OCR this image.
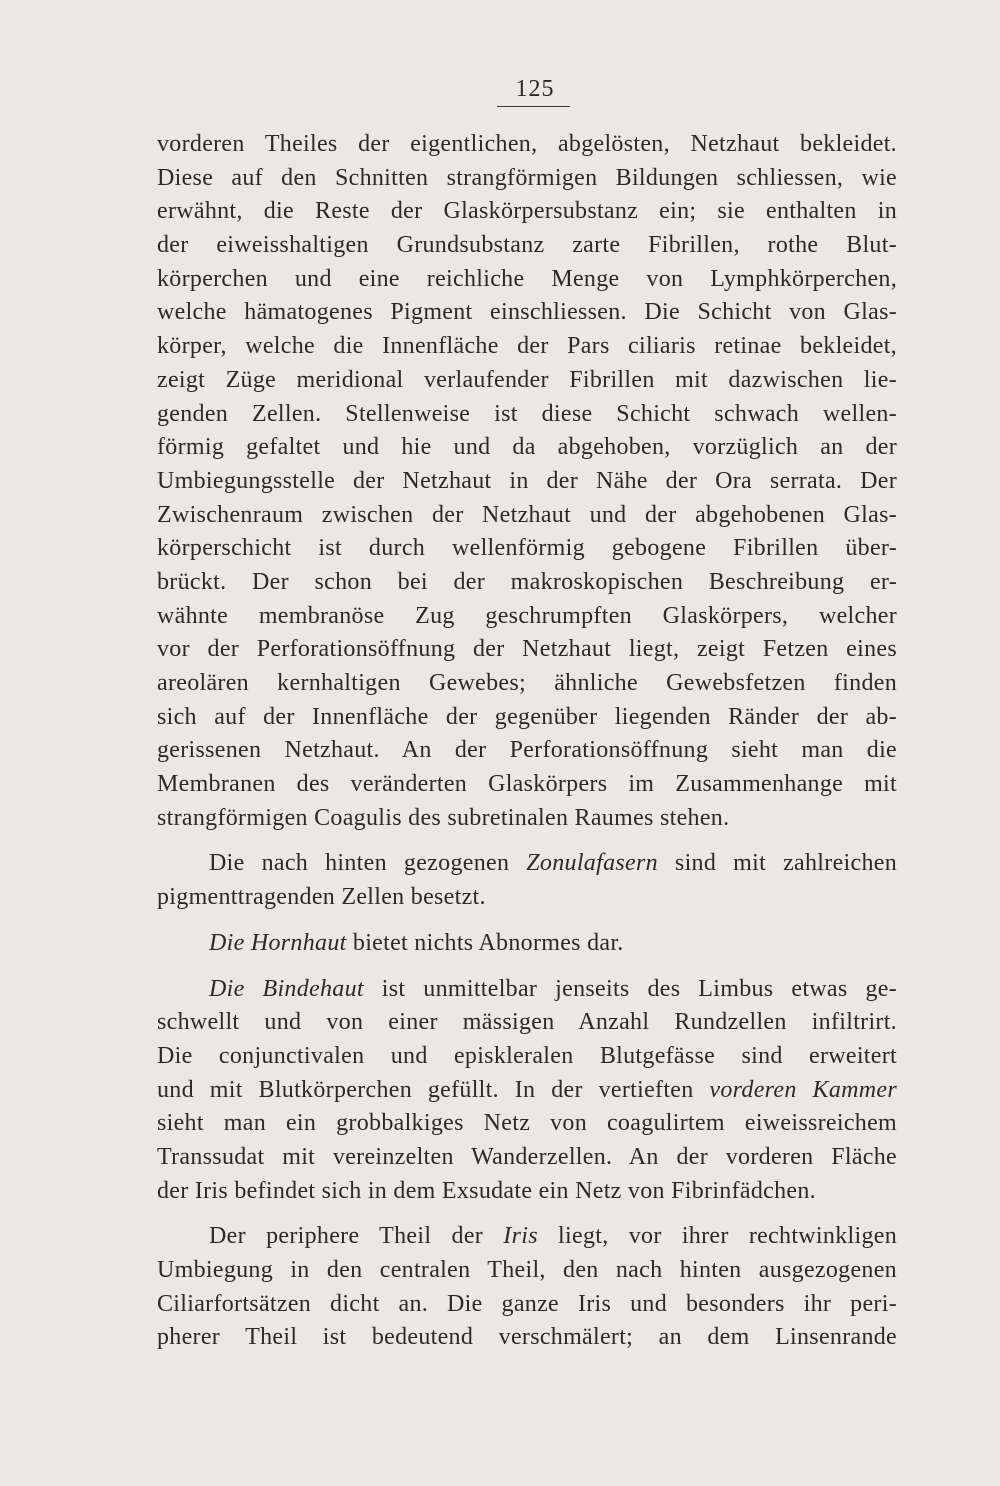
125
vorderen Theiles der eigentlichen, abgelösten, Netzhaut bekleidet.
Diese auf den Schnitten strangförmigen Bildungen schliessen, wie
erwähnt, die Reste der Glaskörpersubstanz ein; sie enthalten in
der eiweisshaltigen Grundsubstanz zarte Fibrillen, rothe Blut-
körperchen und eine reichliche Menge von Lymphkörperchen,
welche hämatogenes Pigment einschliessen. Die Schicht von Glas-
körper, welche die Innenfläche der Pars ciliaris retinae bekleidet,
zeigt Züge meridional verlaufender Fibrillen mit dazwischen lie-
genden Zellen. Stellenweise ist diese Schicht schwach wellen-
förmig gefaltet und hie und da abgehoben, vorzüglich an der
Umbiegungsstelle der Netzhaut in der Nähe der Ora serrata. Der
Zwischenraum zwischen der Netzhaut und der abgehobenen Glas-
körperschicht ist durch wellenförmig gebogene Fibrillen über-
brückt. Der schon bei der makroskopischen Beschreibung er-
wähnte membranöse Zug geschrumpften Glaskörpers, welcher
vor der Perforationsöffnung der Netzhaut liegt, zeigt Fetzen eines
areolären kernhaltigen Gewebes; ähnliche Gewebsfetzen finden
sich auf der Innenfläche der gegenüber liegenden Ränder der ab-
gerissenen Netzhaut. An der Perforationsöffnung sieht man die
Membranen des veränderten Glaskörpers im Zusammenhange mit
strangförmigen Coagulis des subretinalen Raumes stehen.
Die nach hinten gezogenen Zonulafasern sind mit zahlreichen
pigmenttragenden Zellen besetzt.
Die Hornhaut bietet nichts Abnormes dar.
Die Bindehaut ist unmittelbar jenseits des Limbus etwas ge-
schwellt und von einer mässigen Anzahl Rundzellen infiltrirt.
Die conjunctivalen und episkleralen Blutgefässe sind erweitert
und mit Blutkörperchen gefüllt. In der vertieften vorderen Kammer
sieht man ein grobbalkiges Netz von coagulirtem eiweissreichem
Transsudat mit vereinzelten Wanderzellen. An der vorderen Fläche
der Iris befindet sich in dem Exsudate ein Netz von Fibrinfädchen.
Der periphere Theil der Iris liegt, vor ihrer rechtwinkligen
Umbiegung in den centralen Theil, den nach hinten ausgezogenen
Ciliarfortsätzen dicht an. Die ganze Iris und besonders ihr peri-
pherer Theil ist bedeutend verschmälert; an dem Linsenrande
